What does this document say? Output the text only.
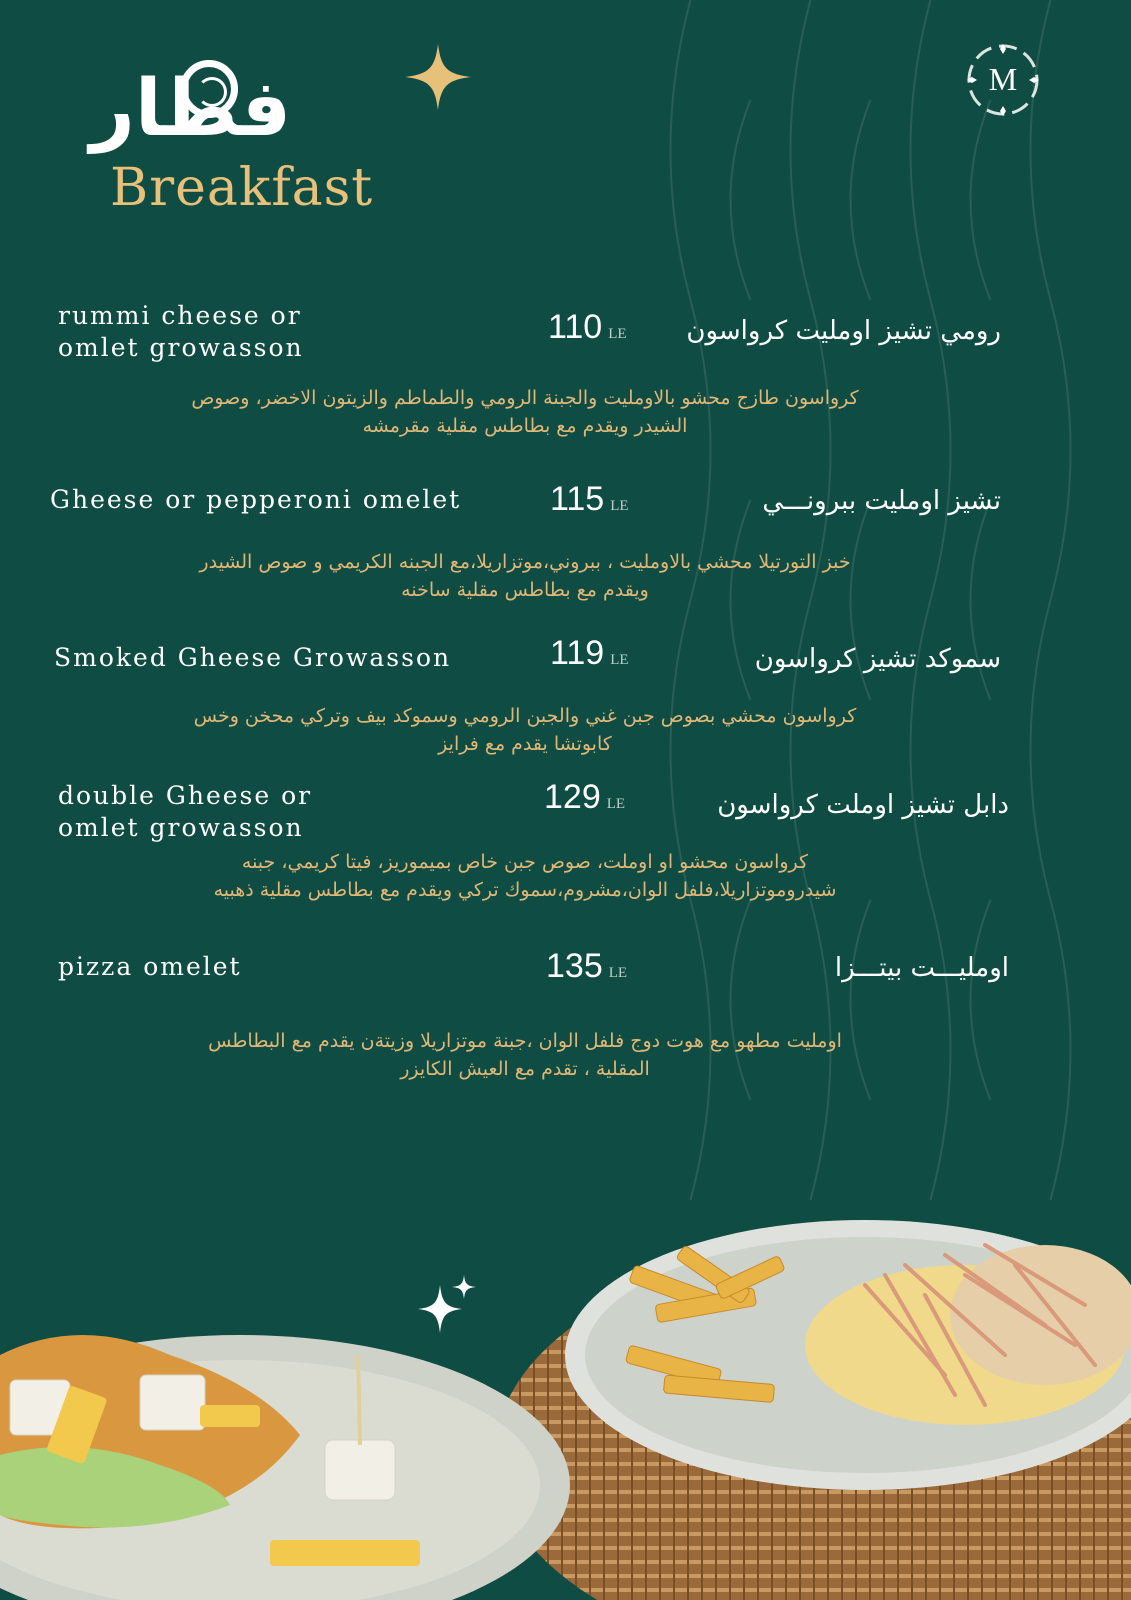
فطار
Breakfast
M
rummi cheese or
omlet growasson
110 LE رومي تشيز اومليت كرواسون
كرواسون طازج محشو بالاومليت والجبنة الرومي والطماطم والزيتون الاخضر، وصوص
الشيدر ويقدم مع بطاطس مقلية مقرمشه
Gheese or pepperoni omelet	115 LE	تشيز اومليت ببرونـــي
خبز التورتيلا محشي بالاومليت ، ببروني،موتزاريلا،مع الجبنه الكريمي و صوص الشيدر
ويقدم مع بطاطس مقلية ساخنه
Smoked Gheese Growasson	119 LE	سموكد تشيز كرواسون
كرواسون محشي بصوص جبن غني والجبن الرومي وسموكد بيف وتركي محخن وخس
كابوتشا يقدم مع فرايز
double Gheese or
omlet growasson
129 LE	دابل تشيز اوملت كرواسون
كرواسون محشو او اوملت، صوص جبن خاص بميموريز، فيتا كريمي، جبنه
شيدروموتزاريلا،فلفل الوان،مشروم،سموك تركي ويقدم مع بطاطس مقلية ذهبيه
pizza omelet	135 LE	اومليـــت بيتـــزا
اومليت مطهو مع هوت دوج فلفل الوان ،جبنة موتزاريلا وزيتةن يقدم مع البطاطس
المقلية ، تقدم مع العيش الكايزر
